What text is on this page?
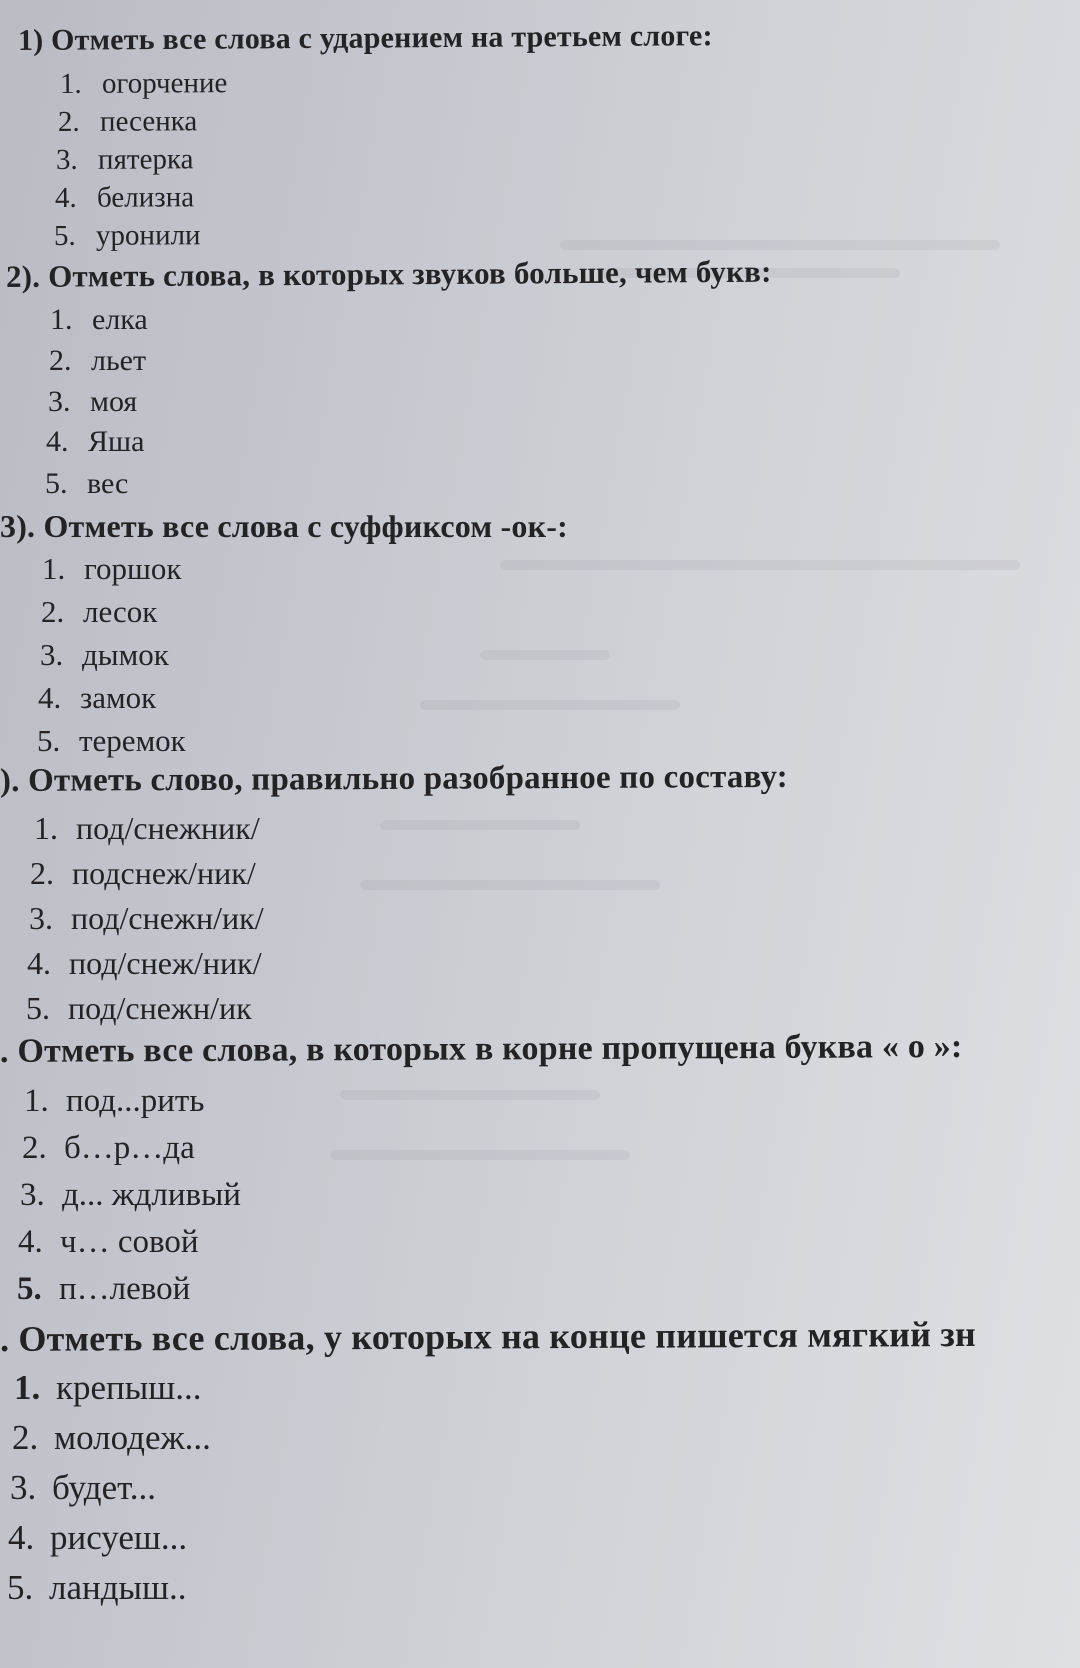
1) Отметь все слова с ударением на третьем слоге:
1. огорчение
2. песенка
3. пятерка
4. белизна
5. уронили
2). Отметь слова, в которых звуков больше, чем букв:
1. елка
2. льет
3. моя
4. Яша
5. вес
3). Отметь все слова с суффиксом -ок-:
1. горшок
2. лесок
3. дымок
4. замок
5. теремок
). Отметь слово, правильно разобранное по составу:
1. под/снежник/
2. подснеж/ник/
3. под/снежн/ик/
4. под/снеж/ник/
5. под/снежн/ик
. Отметь все слова, в которых в корне пропущена буква « о »:
1. под...рить
2. б…р…да
3. д... ждливый
4. ч… совой
5. п…левой
. Отметь все слова, у которых на конце пишется мягкий зн
1. крепыш...
2. молодеж...
3. будет...
4. рисуеш...
5. ландыш..
